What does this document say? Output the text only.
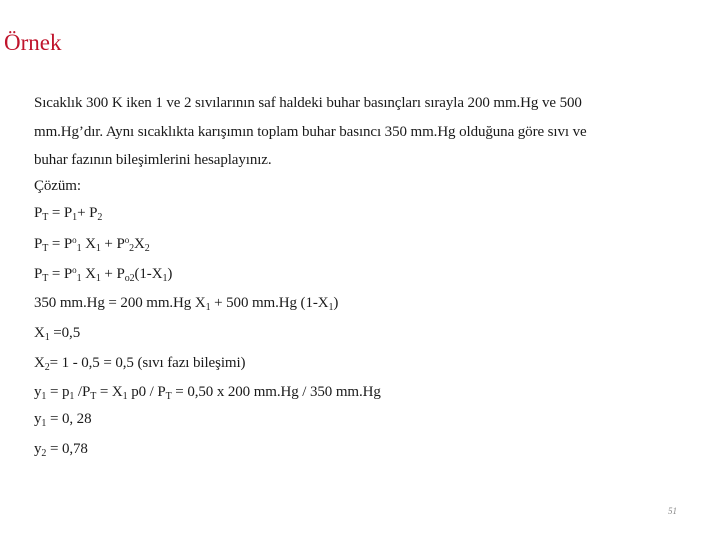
Örnek
Sıcaklık 300 K iken 1 ve 2 sıvılarının saf haldeki buhar basınçları sırayla 200 mm.Hg ve 500
mm.Hg’dır. Aynı sıcaklıkta karışımın toplam buhar basıncı 350 mm.Hg olduğuna göre sıvı ve
buhar fazının bileşimlerini hesaplayınız.
Çözüm:
$P_T = P_1+ P_2$
$P_T = P^o_1$ $X_1 + P^o_2X_2$
$P_T = P^o_1$ $X_1 + P_{o2}(1-X_1)$
350 mm.Hg = 200 mm.Hg $X_1 + 500$ mm.Hg $(1-X_1)$
$X_1 =0,5$
$X_2= 1 - 0,5 = 0,5$ (sıvı fazı bileşimi)
$y_1 = p_1$ $/P_T = X_1$ $p0 / P_T = 0,50$ x 200 mm.Hg / 350 mm.Hg
$y_1 = 0$, 28
$y_2 = 0,78$
51
